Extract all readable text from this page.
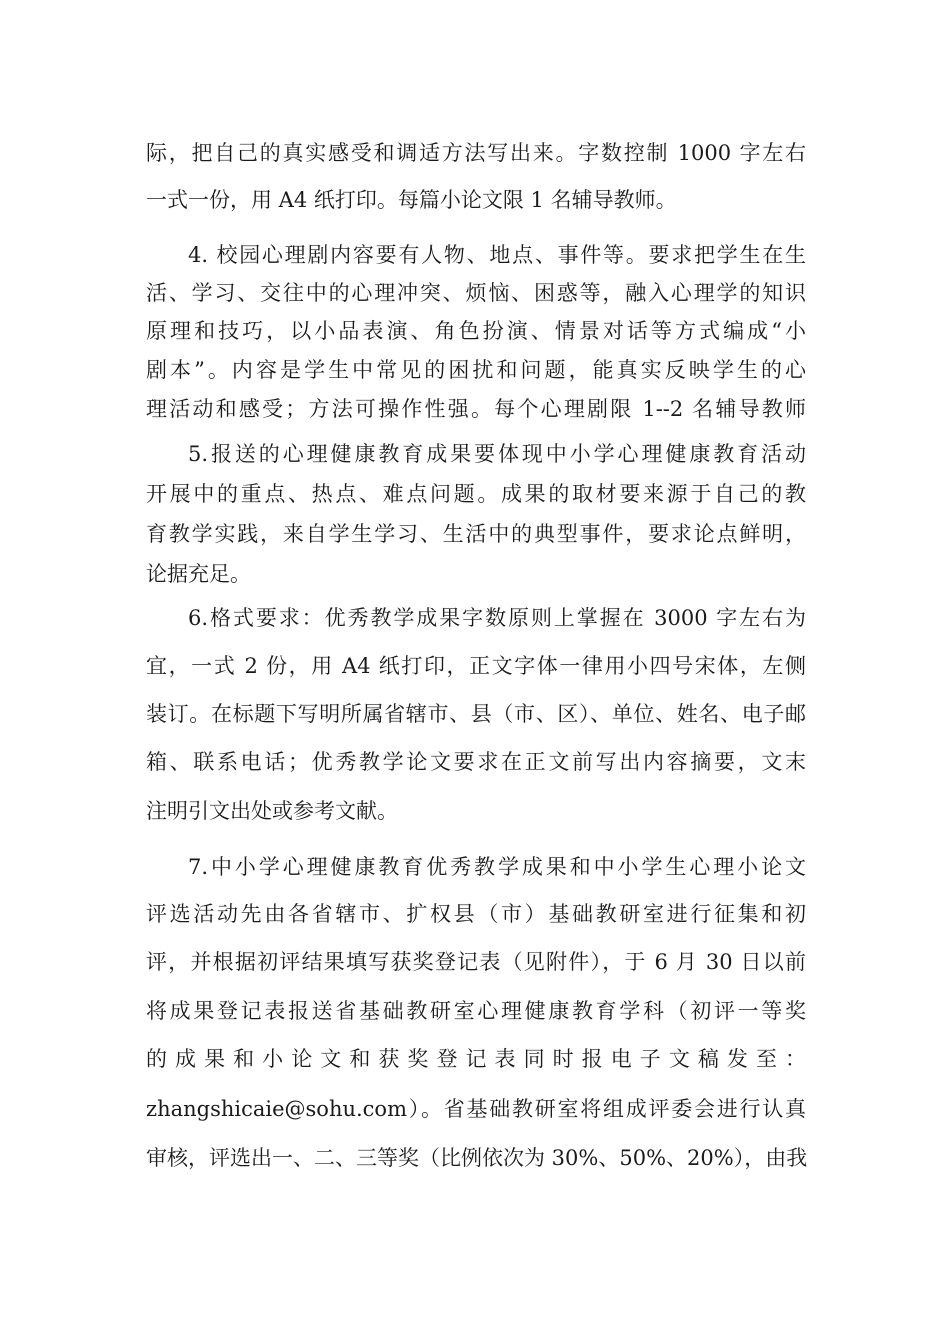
际，把自己的真实感受和调适方法写出来。字数控制 1000 字左右
一式一份，用 A4 纸打印。每篇小论文限 1 名辅导教师。
4. 校园心理剧内容要有人物、地点、事件等。要求把学生在生
活、学习、交往中的心理冲突、烦恼、困惑等，融入心理学的知识
原理和技巧，以小品表演、角色扮演、情景对话等方式编成“小
剧本”。内容是学生中常见的困扰和问题，能真实反映学生的心
理活动和感受；方法可操作性强。每个心理剧限 1--2 名辅导教师
5.报送的心理健康教育成果要体现中小学心理健康教育活动
开展中的重点、热点、难点问题。成果的取材要来源于自己的教
育教学实践，来自学生学习、生活中的典型事件，要求论点鲜明，
论据充足。
6.格式要求：优秀教学成果字数原则上掌握在 3000 字左右为
宜，一式 2 份，用 A4 纸打印，正文字体一律用小四号宋体，左侧
装订。在标题下写明所属省辖市、县（市、区）、单位、姓名、电子邮
箱、联系电话；优秀教学论文要求在正文前写出内容摘要，文末
注明引文出处或参考文献。
7.中小学心理健康教育优秀教学成果和中小学生心理小论文
评选活动先由各省辖市、扩权县（市）基础教研室进行征集和初
评，并根据初评结果填写获奖登记表（见附件），于 6 月 30 日以前
将成果登记表报送省基础教研室心理健康教育学科（初评一等奖
的成果和小论文和获奖登记表同时报电子文稿发至：
zhangshicaie@sohu.com）。省基础教研室将组成评委会进行认真
审核，评选出一、二、三等奖（比例依次为 30%、50%、20%），由我
